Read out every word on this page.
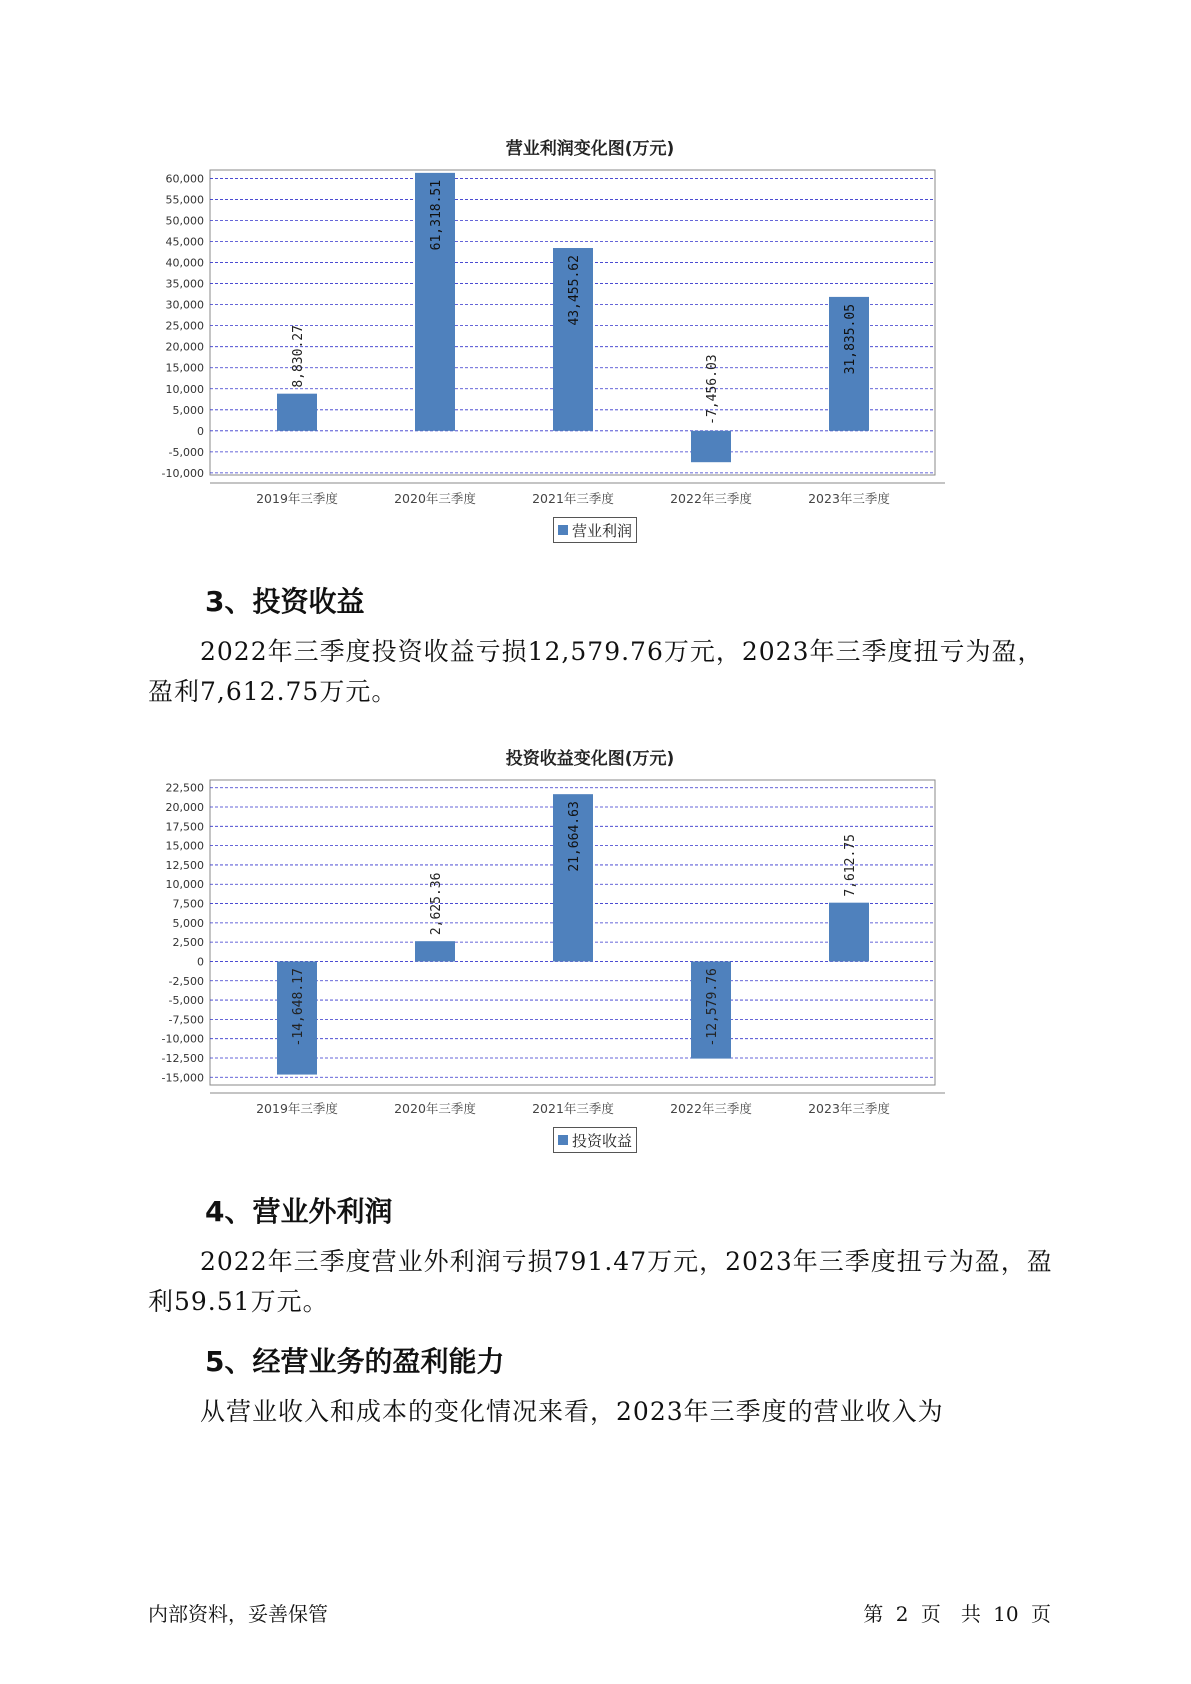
营业利润变化图(万元)
60,000
55,000
50,000
45,000
40,000
35,000
30,000
25,000
20,000
15,000
10,000
5,000
0
-5,000
-10,000
8,830.27
2019年三季度
61,318.51
2020年三季度
43,455.62
2021年三季度
-7,456.03
2022年三季度
31,835.05
2023年三季度
营业利润
3、投资收益
2022年三季度投资收益亏损12,579.76万元，2023年三季度扭亏为盈，盈利7,612.75万元。
投资收益变化图(万元)
22,500
20,000
17,500
15,000
12,500
10,000
7,500
5,000
2,500
0
-2,500
-5,000
-7,500
-10,000
-12,500
-15,000
-14,648.17
2019年三季度
2,625.36
2020年三季度
21,664.63
2021年三季度
-12,579.76
2022年三季度
7,612.75
2023年三季度
投资收益
4、营业外利润
2022年三季度营业外利润亏损791.47万元，2023年三季度扭亏为盈，盈利59.51万元。
5、经营业务的盈利能力
从营业收入和成本的变化情况来看，2023年三季度的营业收入为
内部资料，妥善保管	第 2 页　共 10 页
